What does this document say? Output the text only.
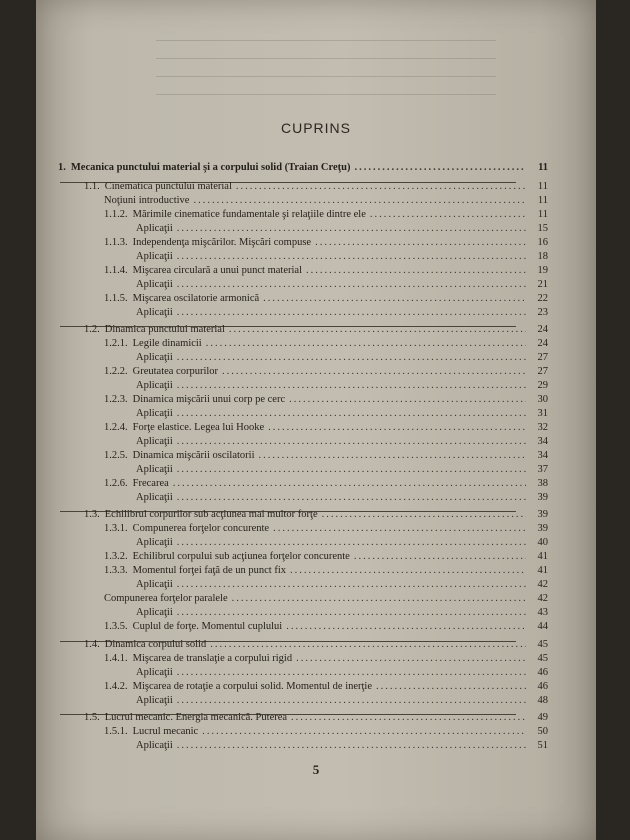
CUPRINS
1. Mecanica punctului material şi a corpului solid (Traian Creţu) .....	11
1.1. Cinematica punctului material .....	11
Noţiuni introductive .....	11
1.1.2. Mărimile cinematice fundamentale şi relaţiile dintre ele .....	11
Aplicaţii .....	15
1.1.3. Independenţa mişcărilor. Mişcări compuse .....	16
Aplicaţii .....	18
1.1.4. Mişcarea circulară a unui punct material .....	19
Aplicaţii .....	21
1.1.5. Mişcarea oscilatorie armonică .....	22
Aplicaţii .....	23
1.2. Dinamica punctului material .....	24
1.2.1. Legile dinamicii .....	24
Aplicaţii .....	27
1.2.2. Greutatea corpurilor .....	27
Aplicaţii .....	29
1.2.3. Dinamica mişcării unui corp pe cerc .....	30
Aplicaţii .....	31
1.2.4. Forţe elastice. Legea lui Hooke .....	32
Aplicaţii .....	34
1.2.5. Dinamica mişcării oscilatorii .....	34
Aplicaţii .....	37
1.2.6. Frecarea .....	38
Aplicaţii .....	39
1.3. Echilibrul corpurilor sub acţiunea mai multor forţe .....	39
1.3.1. Compunerea forţelor concurente .....	39
Aplicaţii .....	40
1.3.2. Echilibrul corpului sub acţiunea forţelor concurente .....	41
1.3.3. Momentul forţei faţă de un punct fix .....	41
Aplicaţii .....	42
Compunerea forţelor paralele .....	42
Aplicaţii .....	43
1.3.5. Cuplul de forţe. Momentul cuplului .....	44
1.4. Dinamica corpului solid .....	45
1.4.1. Mişcarea de translaţie a corpului rigid .....	45
Aplicaţii .....	46
1.4.2. Mişcarea de rotaţie a corpului solid. Momentul de inerţie .....	46
Aplicaţii .....	48
1.5. Lucrul mecanic. Energia mecanică. Puterea .....	49
1.5.1. Lucrul mecanic .....	50
Aplicaţii .....	51
5
